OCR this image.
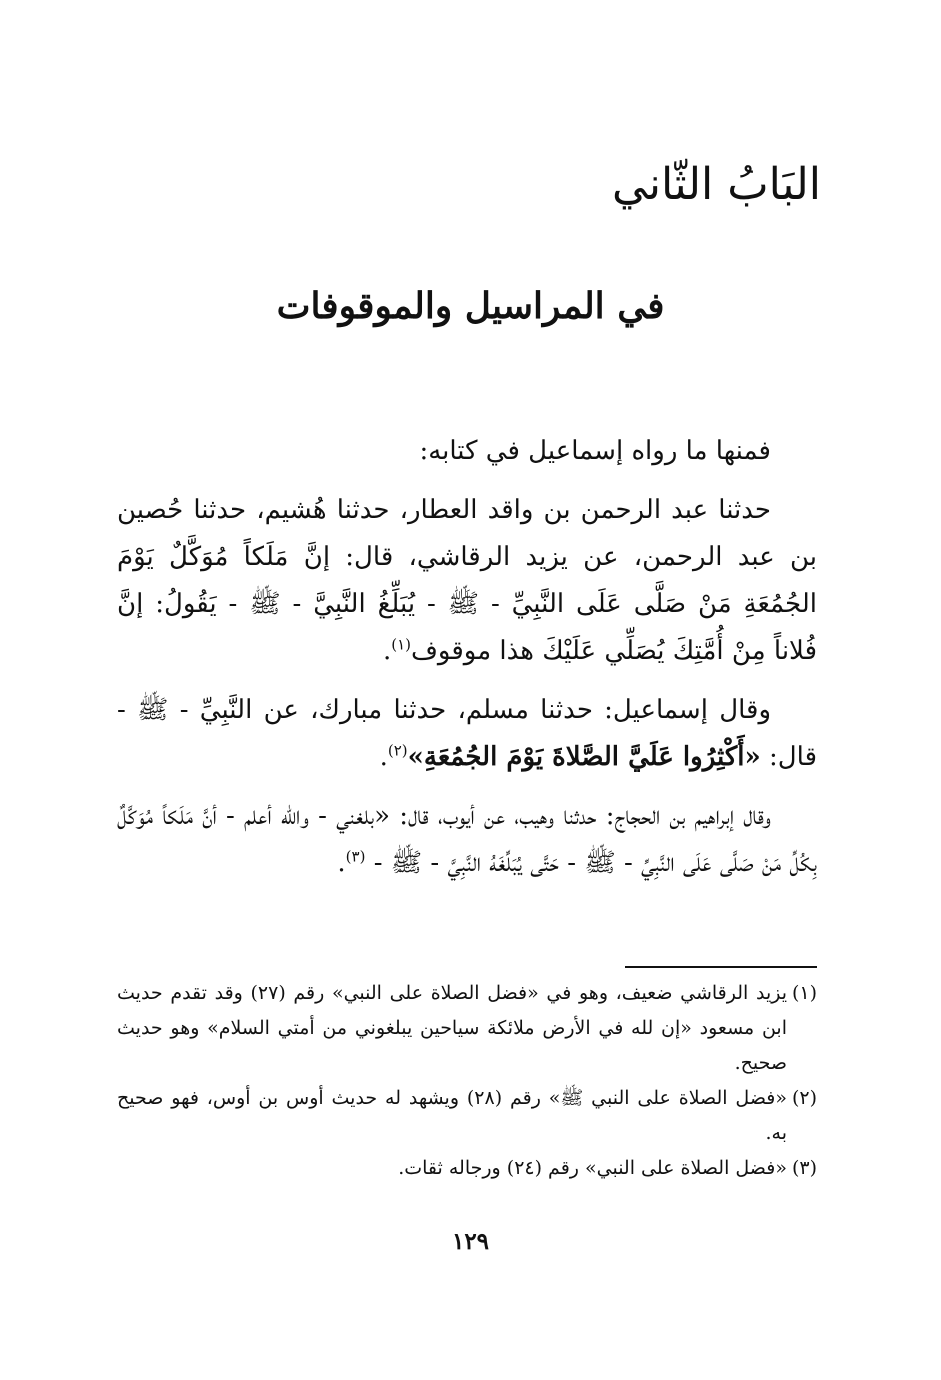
البَابُ الثّاني
في المراسيل والموقوفات

فمنها ما رواه إسماعيل في كتابه:

حدثنا عبد الرحمن بن واقد العطار، حدثنا هُشيم، حدثنا حُصين بن عبد الرحمن، عن يزيد الرقاشي، قال: إنَّ مَلَكاً مُوَكَّلٌ يَوْمَ الجُمُعَةِ مَنْ صَلَّى عَلَى النَّبِيِّ - ﷺ - يُبَلِّغُ النَّبِيَّ - ﷺ - يَقُولُ: إنَّ فُلاناً مِنْ أُمَّتِكَ يُصَلِّي عَلَيْكَ هذا موقوف$^{(١)}$.

وقال إسماعيل: حدثنا مسلم، حدثنا مبارك، عن النَّبِيِّ - ﷺ - قال: «أَكْثِرُوا عَلَيَّ الصَّلاةَ يَوْمَ الجُمُعَةِ»$^{(٢)}$.

وقال إبراهيم بن الحجاج: حدثنا وهيب، عن أيوب، قال: «بلغني - والله أعلم - أنَّ مَلَكاً مُوَكَّلٌ بِكُلِّ مَنْ صَلَّى عَلَى النَّبِيِّ - ﷺ - حَتَّى يُبَلِّغَهُ النَّبِيَّ - ﷺ - $^{(٣)}$.

(١)يزيد الرقاشي ضعيف، وهو في «فضل الصلاة على النبي» رقم (٢٧) وقد تقدم حديث ابن مسعود «إن لله في الأرض ملائكة سياحين يبلغوني من أمتي السلام» وهو حديث صحيح.

(٢)«فضل الصلاة على النبي ﷺ» رقم (٢٨) ويشهد له حديث أوس بن أوس، فهو صحيح به.

(٣)«فضل الصلاة على النبي» رقم (٢٤) ورجاله ثقات.

١٢٩
